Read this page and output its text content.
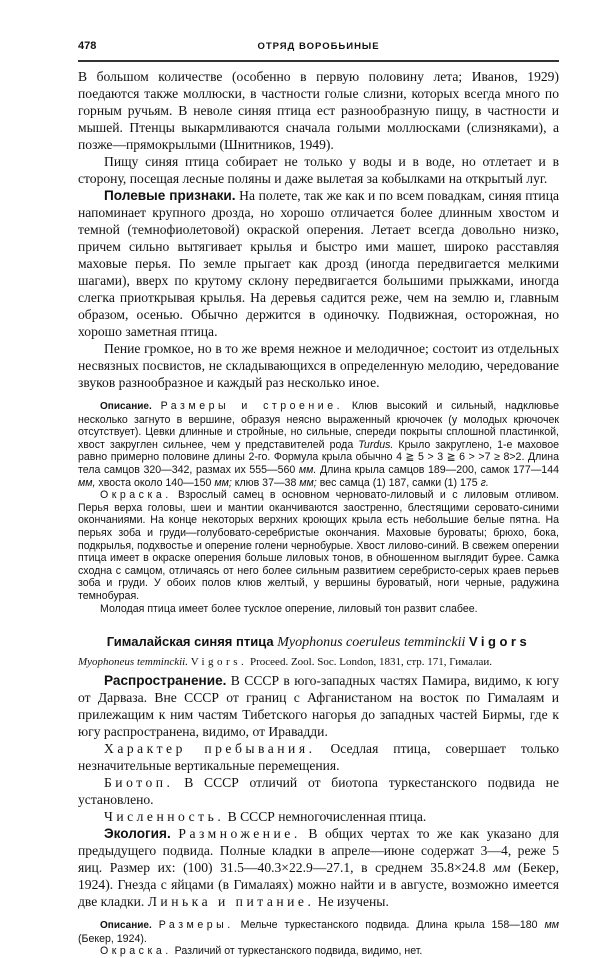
478	ОТРЯД ВОРОБЬИНЫЕ

В большом количестве (особенно в первую половину лета; Иванов, 1929) поедаются также моллюски, в частности голые слизни, которых всегда много по горным ручьям. В неволе синяя птица ест разнообразную пищу, в частности и мышей. Птенцы выкармливаются сначала голыми моллюсками (слизняками), а позже—прямокрылыми (Шнитников, 1949).

Пищу синяя птица собирает не только у воды и в воде, но отлетает и в сторону, посещая лесные поляны и даже вылетая за кобылками на открытый луг.

Полевые признаки. На полете, так же как и по всем повадкам, синяя птица напоминает крупного дрозда, но хорошо отличается более длинным хвостом и темной (темнофиолетовой) окраской оперения. Летает всегда довольно низко, причем сильно вытягивает крылья и быстро ими машет, широко расставляя маховые перья. По земле прыгает как дрозд (иногда передвигается мелкими шагами), вверх по крутому склону передвигается большими прыжками, иногда слегка приоткрывая крылья. На деревья садится реже, чем на землю и, главным образом, осенью. Обычно держится в одиночку. Подвижная, осторожная, но хорошо заметная птица.

Пение громкое, но в то же время нежное и мелодичное; состоит из отдельных несвязных посвистов, не складывающихся в определенную мелодию, чередование звуков разнообразное и каждый раз несколько иное.

Описание. Размеры и строение. Клюв высокий и сильный, надклювье несколько загнуто в вершине, образуя неясно выраженный крючочек (у молодых крючочек отсутствует). Цевки длинные и стройные, но сильные, спереди покрыты сплошной пластинкой, хвост закруглен сильнее, чем у представителей рода Turdus. Крыло закруглено, 1-е маховое равно примерно половине длины 2-го. Формула крыла обычно 4 ≧ 5 > 3 ≧ 6 > >7 ≥ 8>2. Длина тела самцов 320—342, размах их 555—560 мм. Длина крыла самцов 189—200, самок 177—144 мм, хвоста около 140—150 мм; клюв 37—38 мм; вес самца (1) 187, самки (1) 175 г.

Окраска. Взрослый самец в основном черновато-лиловый и с лиловым отливом. Перья верха головы, шеи и мантии оканчиваются заостренно, блестящими серовато-синими окончаниями. На конце некоторых верхних кроющих крыла есть небольшие белые пятна. На перьях зоба и груди—голубовато-серебристые окончания. Маховые буроваты; брюхо, бока, подкрылья, подхвостье и оперение голени чернобурые. Хвост лилово-синий. В свежем оперении птица имеет в окраске оперения больше лиловых тонов, в обношенном выглядит бурее. Самка сходна с самцом, отличаясь от него более сильным развитием серебристо-серых краев перьев зоба и груди. У обоих полов клюв желтый, у вершины буроватый, ноги черные, радужина темнобурая.

Молодая птица имеет более тусклое оперение, лиловый тон развит слабее.

Гималайская синяя птица Myophonus coeruleus temminckii Vigors

Myophoneus temminckii. Vigors. Proceed. Zool. Soc. London, 1831, стр. 171, Гималаи.

Распространение. В СССР в юго-западных частях Памира, видимо, к югу от Дарваза. Вне СССР от границ с Афганистаном на восток по Гималаям и прилежащим к ним частям Тибетского нагорья до западных частей Бирмы, где к югу распространена, видимо, от Иравадди.

Характер пребывания. Оседлая птица, совершает только незначительные вертикальные перемещения.

Биотоп. В СССР отличий от биотопа туркестанского подвида не установлено.

Численность. В СССР немногочисленная птица.

Экология. Размножение. В общих чертах то же как указано для предыдущего подвида. Полные кладки в апреле—июне содержат 3—4, реже 5 яиц. Размер их: (100) 31.5—40.3×22.9—27.1, в среднем 35.8×24.8 мм (Бекер, 1924). Гнезда с яйцами (в Гималаях) можно найти и в августе, возможно имеется две кладки. Линька и питание. Не изучены.

Описание. Размеры. Мельче туркестанского подвида. Длина крыла 158—180 мм (Бекер, 1924).

Окраска. Различий от туркестанского подвида, видимо, нет.
